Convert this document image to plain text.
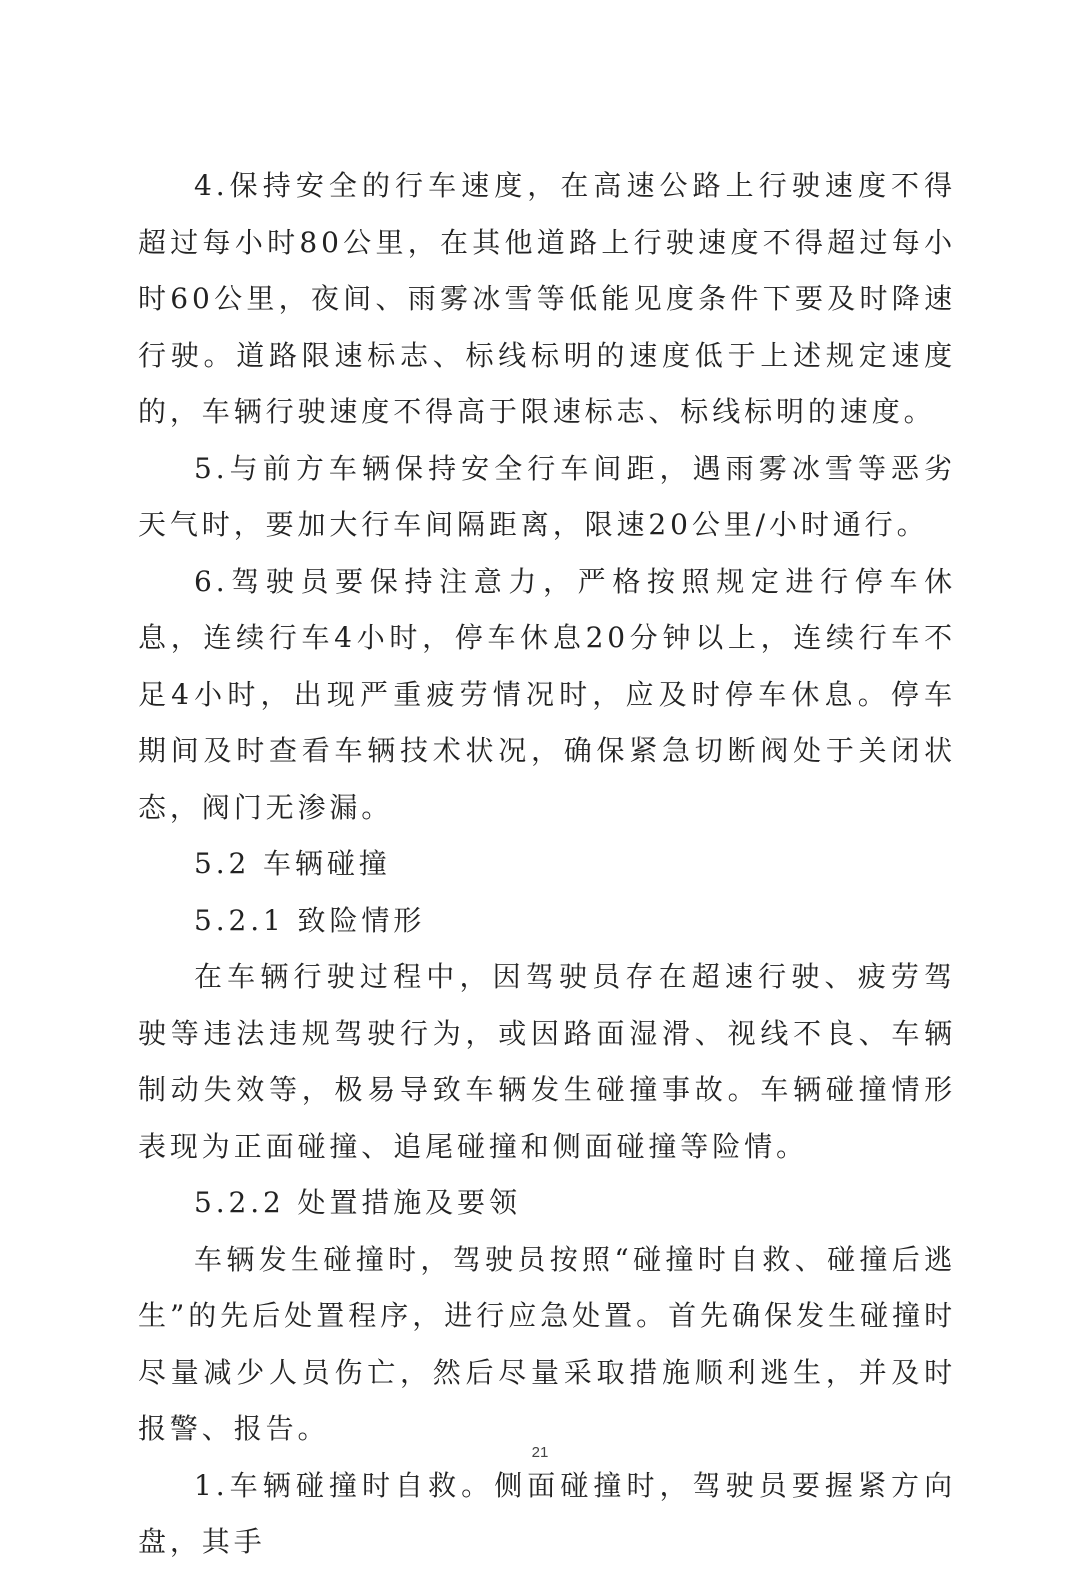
4.保持安全的行车速度，在高速公路上行驶速度不得超过每小时80公里，在其他道路上行驶速度不得超过每小时60公里，夜间、雨雾冰雪等低能见度条件下要及时降速行驶。道路限速标志、标线标明的速度低于上述规定速度的，车辆行驶速度不得高于限速标志、标线标明的速度。

5.与前方车辆保持安全行车间距，遇雨雾冰雪等恶劣天气时，要加大行车间隔距离，限速20公里/小时通行。

6.驾驶员要保持注意力，严格按照规定进行停车休息，连续行车4小时，停车休息20分钟以上，连续行车不足4小时，出现严重疲劳情况时，应及时停车休息。停车期间及时查看车辆技术状况，确保紧急切断阀处于关闭状态，阀门无渗漏。

5.2 车辆碰撞

5.2.1 致险情形

在车辆行驶过程中，因驾驶员存在超速行驶、疲劳驾驶等违法违规驾驶行为，或因路面湿滑、视线不良、车辆制动失效等，极易导致车辆发生碰撞事故。车辆碰撞情形表现为正面碰撞、追尾碰撞和侧面碰撞等险情。

5.2.2 处置措施及要领

车辆发生碰撞时，驾驶员按照“碰撞时自救、碰撞后逃生”的先后处置程序，进行应急处置。首先确保发生碰撞时尽量减少人员伤亡，然后尽量采取措施顺利逃生，并及时报警、报告。

1.车辆碰撞时自救。侧面碰撞时，驾驶员要握紧方向盘，其手

21
